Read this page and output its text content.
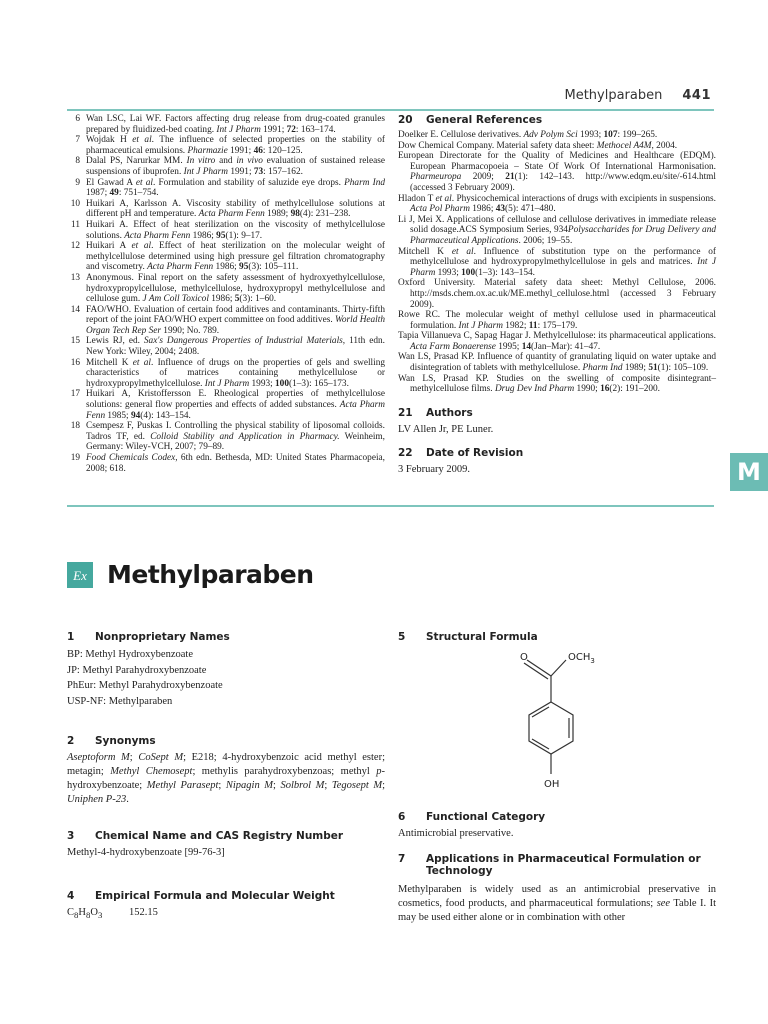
Methylparaben 441
6 Wan LSC, Lai WF. Factors affecting drug release from drug-coated granules prepared by fluidized-bed coating. Int J Pharm 1991; 72: 163–174.
7 Wojdak H et al. The influence of selected properties on the stability of pharmaceutical emulsions. Pharmazie 1991; 46: 120–125.
8 Dalal PS, Narurkar MM. In vitro and in vivo evaluation of sustained release suspensions of ibuprofen. Int J Pharm 1991; 73: 157–162.
9 El Gawad A et al. Formulation and stability of saluzide eye drops. Pharm Ind 1987; 49: 751–754.
10 Huikari A, Karlsson A. Viscosity stability of methylcellulose solutions at different pH and temperature. Acta Pharm Fenn 1989; 98(4): 231–238.
11 Huikari A. Effect of heat sterilization on the viscosity of methylcellulose solutions. Acta Pharm Fenn 1986; 95(1): 9–17.
12 Huikari A et al. Effect of heat sterilization on the molecular weight of methylcellulose determined using high pressure gel filtration chromatography and viscometry. Acta Pharm Fenn 1986; 95(3): 105–111.
13 Anonymous. Final report on the safety assessment of hydroxyethylcellulose, hydroxypropylcellulose, methylcellulose, hydroxypropyl methylcellulose and cellulose gum. J Am Coll Toxicol 1986; 5(3): 1–60.
14 FAO/WHO. Evaluation of certain food additives and contaminants. Thirty-fifth report of the joint FAO/WHO expert committee on food additives. World Health Organ Tech Rep Ser 1990; No. 789.
15 Lewis RJ, ed. Sax's Dangerous Properties of Industrial Materials, 11th edn. New York: Wiley, 2004; 2408.
16 Mitchell K et al. Influence of drugs on the properties of gels and swelling characteristics of matrices containing methylcellulose or hydroxypropylmethylcellulose. Int J Pharm 1993; 100(1–3): 165–173.
17 Huikari A, Kristoffersson E. Rheological properties of methylcellulose solutions: general flow properties and effects of added substances. Acta Pharm Fenn 1985; 94(4): 143–154.
18 Csempesz F, Puskas I. Controlling the physical stability of liposomal colloids. Tadros TF, ed. Colloid Stability and Application in Pharmacy. Weinheim, Germany: Wiley-VCH, 2007; 79–89.
19 Food Chemicals Codex, 6th edn. Bethesda, MD: United States Pharmacopeia, 2008; 618.
20	General References
Doelker E. Cellulose derivatives. Adv Polym Sci 1993; 107: 199–265.
Dow Chemical Company. Material safety data sheet: Methocel A4M, 2004.
European Directorate for the Quality of Medicines and Healthcare (EDQM). European Pharmacopoeia – State Of Work Of International Harmonisation. Pharmeuropa 2009; 21(1): 142–143. http://www.edqm.eu/site/-614.html (accessed 3 February 2009).
Hladon T et al. Physicochemical interactions of drugs with excipients in suspensions. Acta Pol Pharm 1986; 43(5): 471–480.
Li J, Mei X. Applications of cellulose and cellulose derivatives in immediate release solid dosage.ACS Symposium Series, 934Polysaccharides for Drug Delivery and Pharmaceutical Applications. 2006; 19–55.
Mitchell K et al. Influence of substitution type on the performance of methylcellulose and hydroxypropylmethylcellulose in gels and matrices. Int J Pharm 1993; 100(1–3): 143–154.
Oxford University. Material safety data sheet: Methyl Cellulose, 2006. http://msds.chem.ox.ac.uk/ME.methyl_cellulose.html (accessed 3 February 2009).
Rowe RC. The molecular weight of methyl cellulose used in pharmaceutical formulation. Int J Pharm 1982; 11: 175–179.
Tapia Villanueva C, Sapag Hagar J. Methylcellulose: its pharmaceutical applications. Acta Farm Bonaerense 1995; 14(Jan–Mar): 41–47.
Wan LS, Prasad KP. Influence of quantity of granulating liquid on water uptake and disintegration of tablets with methylcellulose. Pharm Ind 1989; 51(1): 105–109.
Wan LS, Prasad KP. Studies on the swelling of composite disintegrant–methylcellulose films. Drug Dev Ind Pharm 1990; 16(2): 191–200.
21	Authors
LV Allen Jr, PE Luner.
22	Date of Revision
3 February 2009.	M
Ex Methylparaben
1	Nonproprietary Names
BP: Methyl Hydroxybenzoate
JP: Methyl Parahydroxybenzoate
PhEur: Methyl Parahydroxybenzoate
USP-NF: Methylparaben
2	Synonyms
Aseptoform M; CoSept M; E218; 4-hydroxybenzoic acid methyl ester; metagin; Methyl Chemosept; methylis parahydroxybenzoas; methyl p-hydroxybenzoate; Methyl Parasept; Nipagin M; Solbrol M; Tegosept M; Uniphen P-23.
3	Chemical Name and CAS Registry Number
Methyl-4-hydroxybenzoate [99-76-3]
4	Empirical Formula and Molecular Weight
$C_8H_8O_3$	152.15
5	Structural Formula
O	$OCH_3$
OH
6	Functional Category
Antimicrobial preservative.
7	Applications in Pharmaceutical Formulation or Technology
Methylparaben is widely used as an antimicrobial preservative in cosmetics, food products, and pharmaceutical formulations; see Table I. It may be used either alone or in combination with other
